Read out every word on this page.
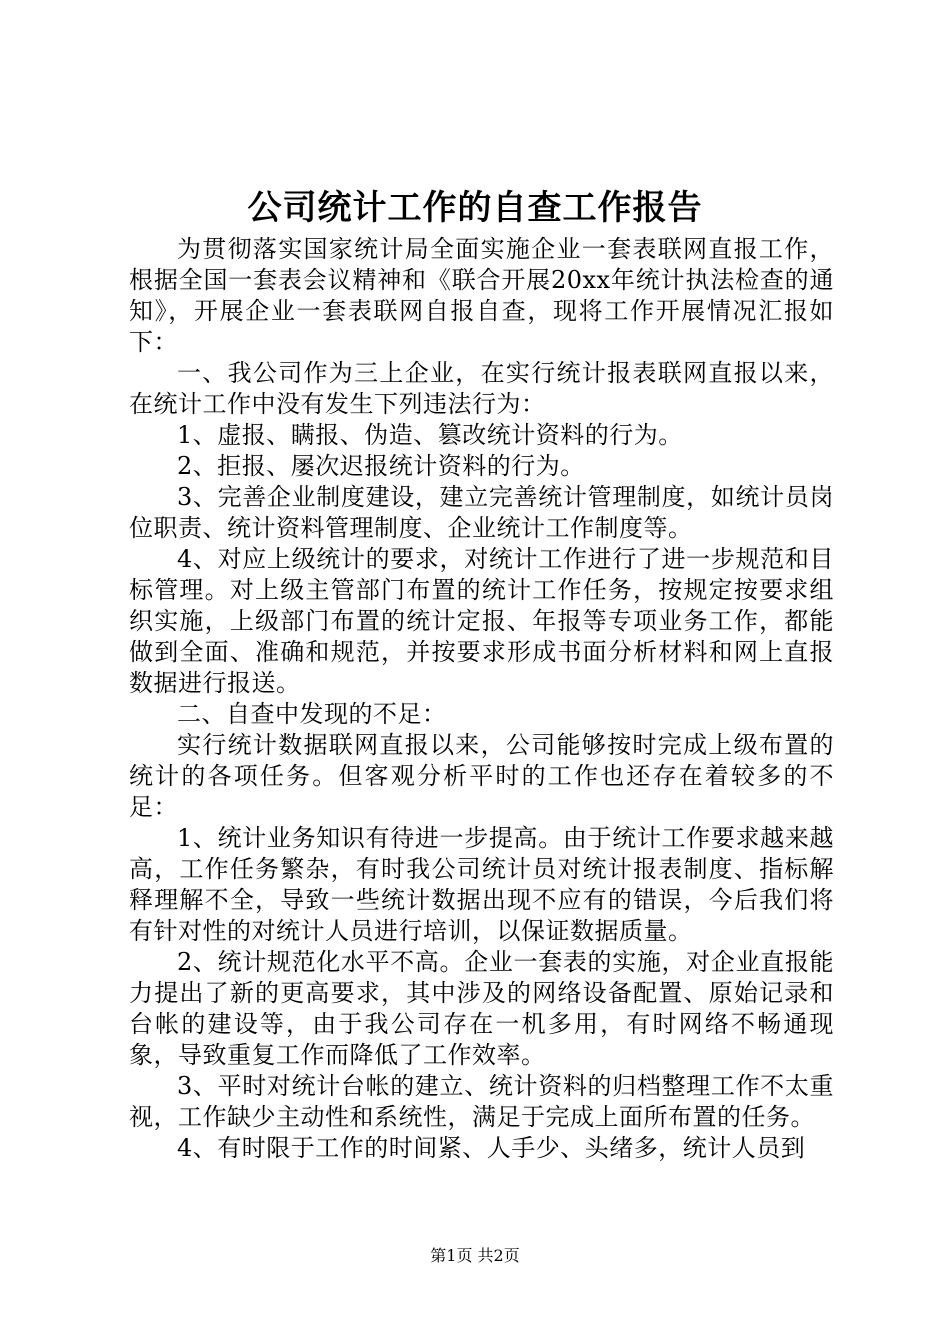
公司统计工作的自查工作报告

为贯彻落实国家统计局全面实施企业一套表联网直报工作，根据全国一套表会议精神和《联合开展20xx年统计执法检查的通知》，开展企业一套表联网自报自查，现将工作开展情况汇报如下：

一、我公司作为三上企业，在实行统计报表联网直报以来，在统计工作中没有发生下列违法行为：

1、虚报、瞒报、伪造、篡改统计资料的行为。

2、拒报、屡次迟报统计资料的行为。

3、完善企业制度建设，建立完善统计管理制度，如统计员岗位职责、统计资料管理制度、企业统计工作制度等。

4、对应上级统计的要求，对统计工作进行了进一步规范和目标管理。对上级主管部门布置的统计工作任务，按规定按要求组织实施，上级部门布置的统计定报、年报等专项业务工作，都能做到全面、准确和规范，并按要求形成书面分析材料和网上直报数据进行报送。

二、自查中发现的不足：

实行统计数据联网直报以来，公司能够按时完成上级布置的统计的各项任务。但客观分析平时的工作也还存在着较多的不足：

1、统计业务知识有待进一步提高。由于统计工作要求越来越高，工作任务繁杂，有时我公司统计员对统计报表制度、指标解释理解不全，导致一些统计数据出现不应有的错误，今后我们将有针对性的对统计人员进行培训，以保证数据质量。

2、统计规范化水平不高。企业一套表的实施，对企业直报能力提出了新的更高要求，其中涉及的网络设备配置、原始记录和台帐的建设等，由于我公司存在一机多用，有时网络不畅通现象，导致重复工作而降低了工作效率。

3、平时对统计台帐的建立、统计资料的归档整理工作不太重视，工作缺少主动性和系统性，满足于完成上面所布置的任务。

4、有时限于工作的时间紧、人手少、头绪多，统计人员到

第1页 共2页
